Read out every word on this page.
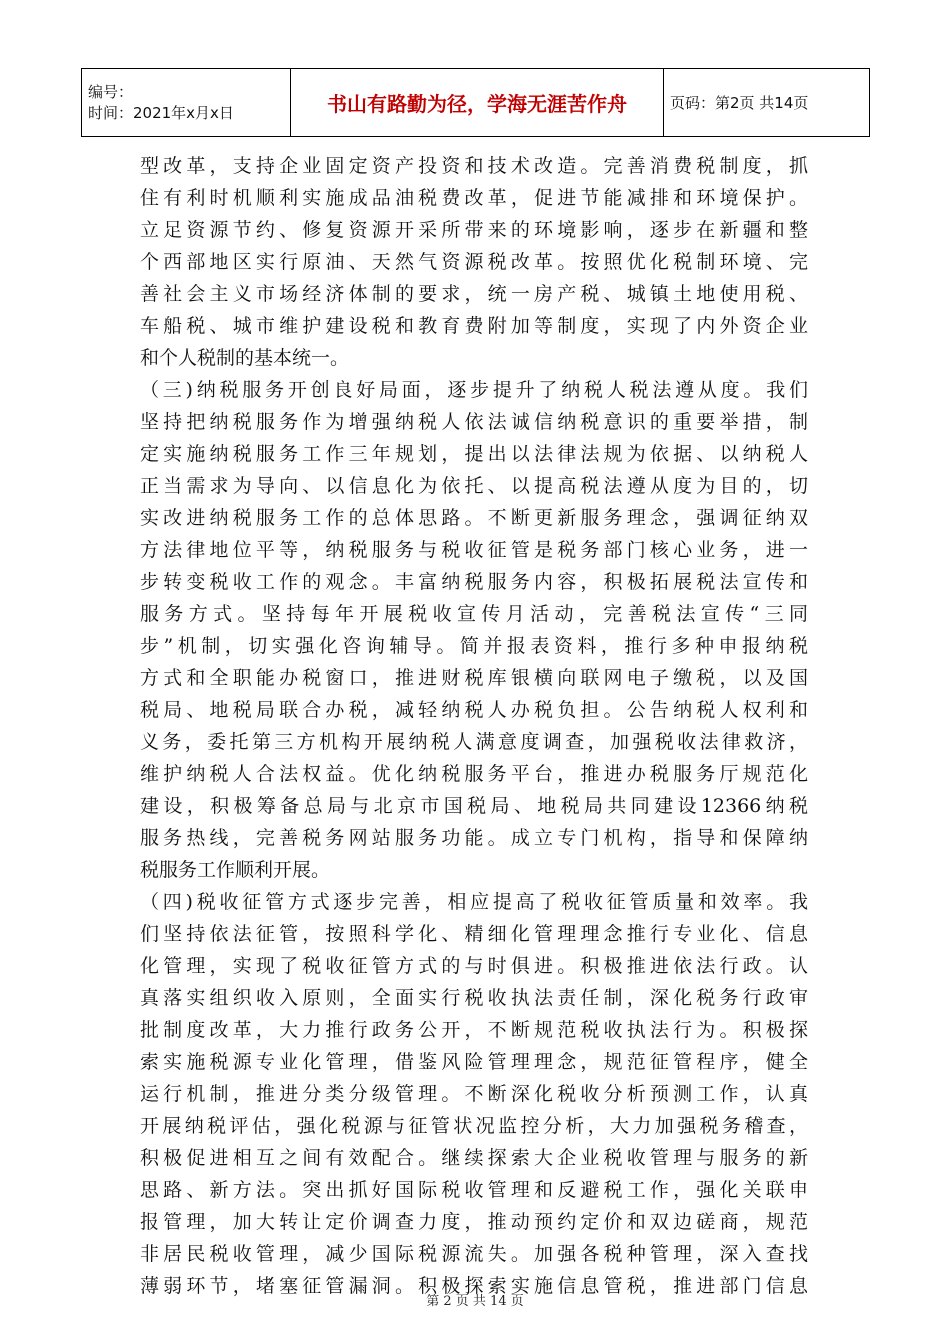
编号：
时间：2021年x月x日	书山有路勤为径，学海无涯苦作舟	页码：第2页 共14页
型改革，支持企业固定资产投资和技术改造。完善消费税制度，抓
住有利时机顺利实施成品油税费改革，促进节能减排和环境保护。
立足资源节约、修复资源开采所带来的环境影响，逐步在新疆和整
个西部地区实行原油、天然气资源税改革。按照优化税制环境、完
善社会主义市场经济体制的要求，统一房产税、城镇土地使用税、
车船税、城市维护建设税和教育费附加等制度，实现了内外资企业
和个人税制的基本统一。
（三)纳税服务开创良好局面，逐步提升了纳税人税法遵从度。我们
坚持把纳税服务作为增强纳税人依法诚信纳税意识的重要举措，制
定实施纳税服务工作三年规划，提出以法律法规为依据、以纳税人
正当需求为导向、以信息化为依托、以提高税法遵从度为目的，切
实改进纳税服务工作的总体思路。不断更新服务理念，强调征纳双
方法律地位平等，纳税服务与税收征管是税务部门核心业务，进一
步转变税收工作的观念。丰富纳税服务内容，积极拓展税法宣传和
服务方式。坚持每年开展税收宣传月活动，完善税法宣传“三同
步”机制，切实强化咨询辅导。简并报表资料，推行多种申报纳税
方式和全职能办税窗口，推进财税库银横向联网电子缴税，以及国
税局、地税局联合办税，减轻纳税人办税负担。公告纳税人权利和
义务，委托第三方机构开展纳税人满意度调查，加强税收法律救济，
维护纳税人合法权益。优化纳税服务平台，推进办税服务厅规范化
建设，积极筹备总局与北京市国税局、地税局共同建设12366纳税
服务热线，完善税务网站服务功能。成立专门机构，指导和保障纳
税服务工作顺利开展。
（四)税收征管方式逐步完善，相应提高了税收征管质量和效率。我
们坚持依法征管，按照科学化、精细化管理理念推行专业化、信息
化管理，实现了税收征管方式的与时俱进。积极推进依法行政。认
真落实组织收入原则，全面实行税收执法责任制，深化税务行政审
批制度改革，大力推行政务公开，不断规范税收执法行为。积极探
索实施税源专业化管理，借鉴风险管理理念，规范征管程序，健全
运行机制，推进分类分级管理。不断深化税收分析预测工作，认真
开展纳税评估，强化税源与征管状况监控分析，大力加强税务稽查，
积极促进相互之间有效配合。继续探索大企业税收管理与服务的新
思路、新方法。突出抓好国际税收管理和反避税工作，强化关联申
报管理，加大转让定价调查力度，推动预约定价和双边磋商，规范
非居民税收管理，减少国际税源流失。加强各税种管理，深入查找
薄弱环节，堵塞征管漏洞。积极探索实施信息管税，推进部门信息
第 2 页 共 14 页
